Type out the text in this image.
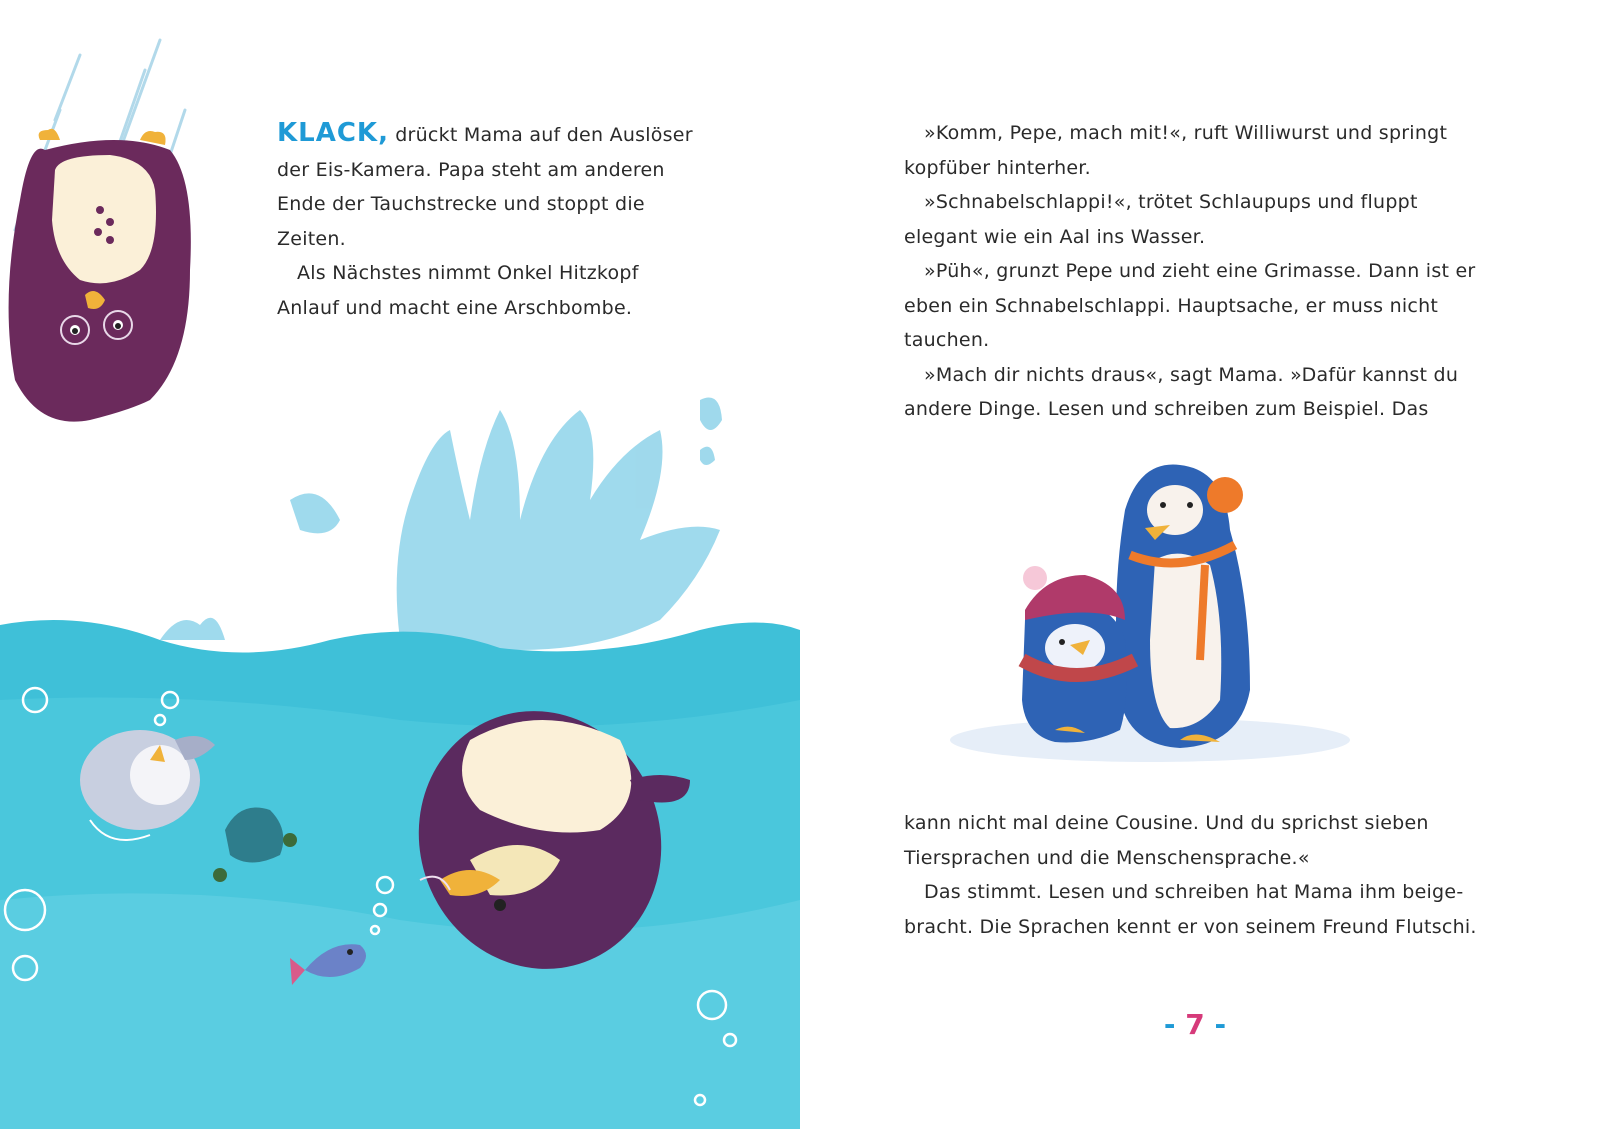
KLACK, drückt Mama auf den Auslöser der Eis-Kamera. Papa steht am anderen Ende der Tauchstrecke und stoppt die Zeiten.

Als Nächstes nimmt Onkel Hitzkopf Anlauf und macht eine Arschbombe.

»Komm, Pepe, mach mit!«, ruft Williwurst und springt kopfüber hinterher.

»Schnabelschlappi!«, trötet Schlaupups und fluppt elegant wie ein Aal ins Wasser.

»Püh«, grunzt Pepe und zieht eine Grimasse. Dann ist er eben ein Schnabelschlappi. Hauptsache, er muss nicht tauchen.

»Mach dir nichts draus«, sagt Mama. »Dafür kannst du andere Dinge. Lesen und schreiben zum Beispiel. Das

kann nicht mal deine Cousine. Und du sprichst sieben Tiersprachen und die Menschensprache.«

Das stimmt. Lesen und schreiben hat Mama ihm beigebracht. Die Sprachen kennt er von seinem Freund Flutschi.

- 7 -
